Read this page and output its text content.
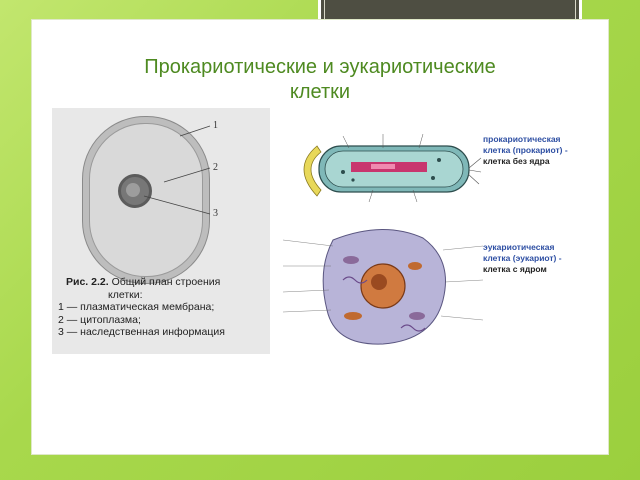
Прокариотические и эукариотические
клетки
1
2
3
Рис. 2.2. Общий план строения
клетки:
1 — плазматическая мембрана;
2 — цитоплазма;
3 — наследственная информация
прокариотическая
клетка (прокариот) -
клетка без ядра
эукариотическая
клетка (эукариот) -
клетка с ядром
